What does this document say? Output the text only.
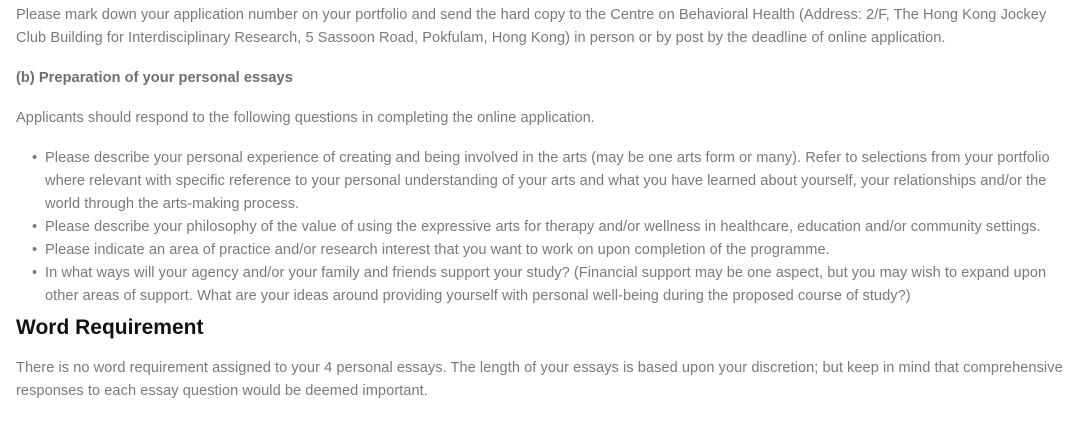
Please mark down your application number on your portfolio and send the hard copy to the Centre on Behavioral Health (Address: 2/F, The Hong Kong Jockey Club Building for Interdisciplinary Research, 5 Sassoon Road, Pokfulam, Hong Kong) in person or by post by the deadline of online application.

(b) Preparation of your personal essays

Applicants should respond to the following questions in completing the online application.

• Please describe your personal experience of creating and being involved in the arts (may be one arts form or many). Refer to selections from your portfolio where relevant with specific reference to your personal understanding of your arts and what you have learned about yourself, your relationships and/or the world through the arts-making process.
• Please describe your philosophy of the value of using the expressive arts for therapy and/or wellness in healthcare, education and/or community settings.
• Please indicate an area of practice and/or research interest that you want to work on upon completion of the programme.
• In what ways will your agency and/or your family and friends support your study? (Financial support may be one aspect, but you may wish to expand upon other areas of support. What are your ideas around providing yourself with personal well-being during the proposed course of study?)
Word Requirement

There is no word requirement assigned to your 4 personal essays. The length of your essays is based upon your discretion; but keep in mind that comprehensive responses to each essay question would be deemed important.
